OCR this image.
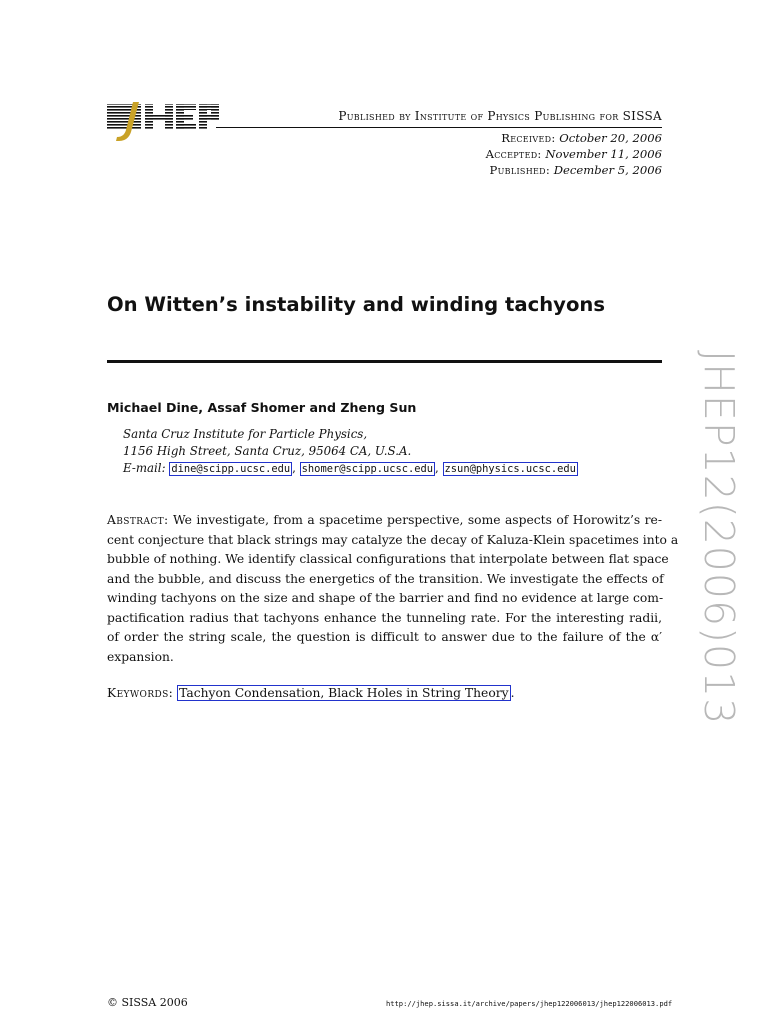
Published by Institute of Physics Publishing for SISSA
Received: October 20, 2006
Accepted: November 11, 2006
Published: December 5, 2006
On Witten’s instability and winding tachyons
Michael Dine, Assaf Shomer and Zheng Sun
Santa Cruz Institute for Particle Physics,
1156 High Street, Santa Cruz, 95064 CA, U.S.A.
E-mail: dine@scipp.ucsc.edu , shomer@scipp.ucsc.edu , zsun@physics.ucsc.edu
Abstract: We investigate, from a spacetime perspective, some aspects of Horowitz’s re-
cent conjecture that black strings may catalyze the decay of Kaluza-Klein spacetimes into a
bubble of nothing. We identify classical configurations that interpolate between flat space
and the bubble, and discuss the energetics of the transition. We investigate the effects of
winding tachyons on the size and shape of the barrier and find no evidence at large com-
pactification radius that tachyons enhance the tunneling rate. For the interesting radii,
of order the string scale, the question is difficult to answer due to the failure of the α′
expansion.
Keywords: Tachyon Condensation, Black Holes in String Theory .	JHEP12(2006)013
© SISSA 2006	http://jhep.sissa.it/archive/papers/jhep122006013/jhep122006013.pdf
